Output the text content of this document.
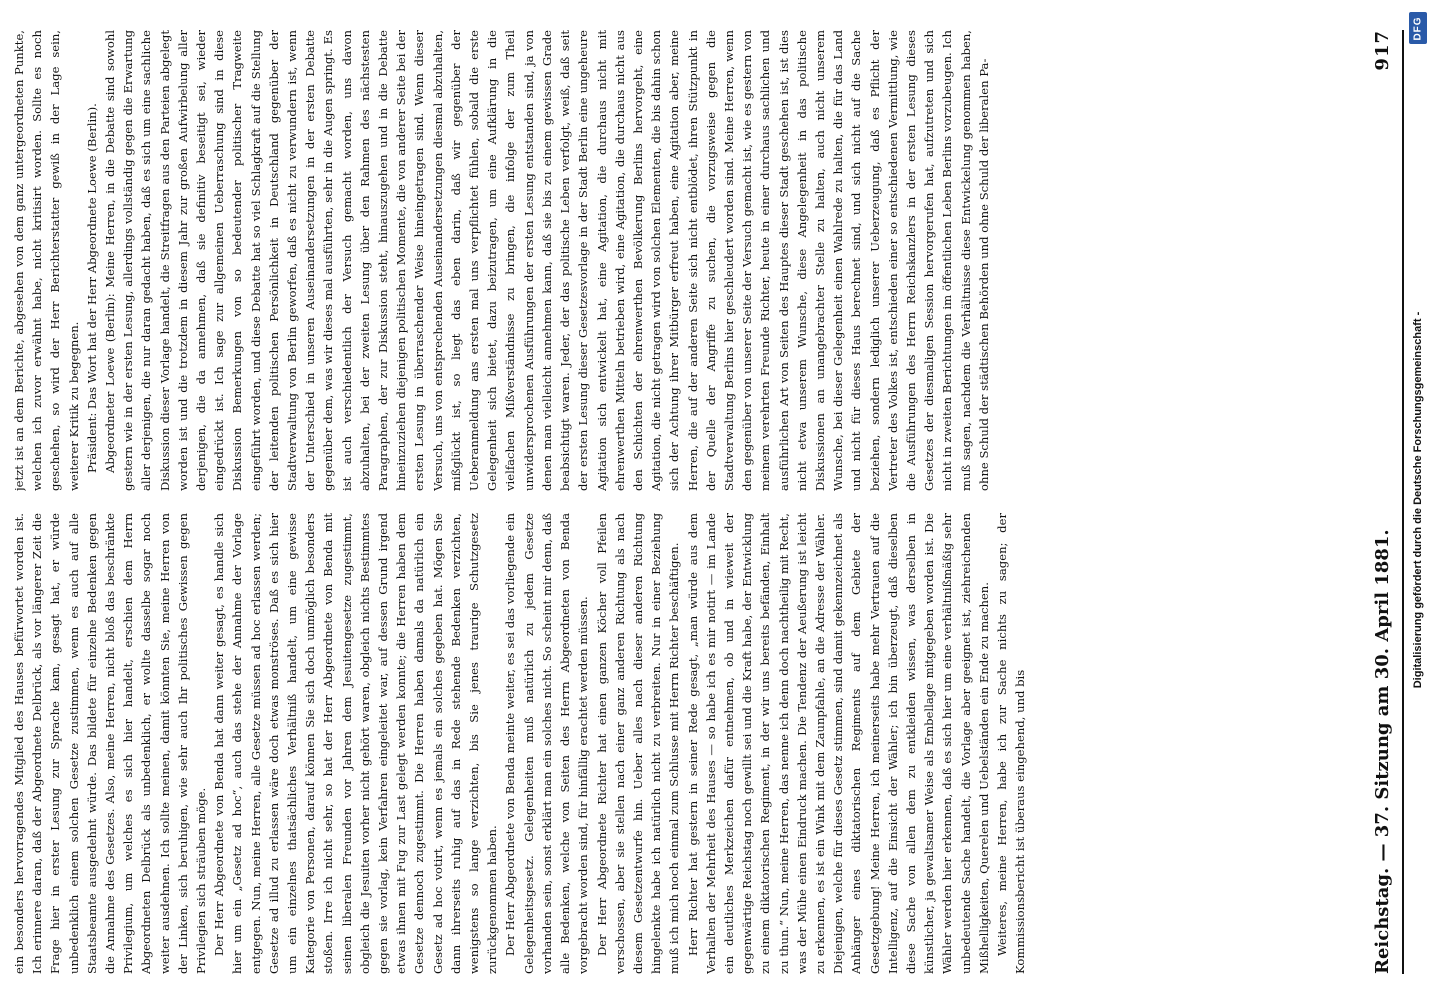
Reichstag. — 37. Sitzung am 30. April 1881.
917

ein besonders hervorragendes Mitglied des Hauses befürwortet worden ist. Ich erinnere daran, daß der Abgeordnete Delbrück, als vor längerer Zeit die Frage hier in erster Lesung zur Sprache kam, gesagt hat, er würde unbedenklich einem solchen Gesetze zustimmen, wenn es auch auf alle Staatsbeamte ausgedehnt würde. Das bildete für einzelne Bedenken gegen die Annahme des Gesetzes. Also, meine Herren, nicht bloß das beschränkte Privilegium, um welches es sich hier handelt, erschien dem Herrn Abgeordneten Delbrück als unbedenklich, er wollte dasselbe sogar noch weiter ausdehnen. Ich sollte meinen, damit könnten Sie, meine Herren von der Linken, sich beruhigen, wie sehr auch Ihr politisches Gewissen gegen Privilegien sich sträuben möge. Der Herr Abgeordnete von Benda hat dann weiter gesagt, es handle sich hier um ein „Gesetz ad hoc“, auch das stehe der Annahme der Vorlage entgegen. Nun, meine Herren, alle Gesetze müssen ad hoc erlassen werden; Gesetze ad illud zu erlassen wäre doch etwas monströses. Daß es sich hier um ein einzelnes thatsächliches Verhältniß handelt, um eine gewisse Kategorie von Personen, darauf können Sie sich doch unmöglich besonders stoßen. Irre ich nicht sehr, so hat der Herr Abgeordnete von Benda mit seinen liberalen Freunden vor Jahren dem Jesuitengesetze zugestimmt, obgleich die Jesuiten vorher nicht gehört waren, obgleich nichts Bestimmtes gegen sie vorlag, kein Verfahren eingeleitet war, auf dessen Grund irgend etwas ihnen mit Fug zur Last gelegt werden konnte; die Herren haben dem Gesetze dennoch zugestimmt. Die Herren haben damals da natürlich ein Gesetz ad hoc votirt, wenn es jemals ein solches gegeben hat. Mögen Sie dann ihrerseits ruhig auf das in Rede stehende Bedenken verzichten, wenigstens so lange verzichten, bis Sie jenes traurige Schutzgesetz zurückgenommen haben. Der Herr Abgeordnete von Benda meinte weiter, es sei das vorliegende ein Gelegenheitsgesetz. Gelegenheiten muß natürlich zu jedem Gesetze vorhanden sein, sonst erklärt man ein solches nicht. So scheint mir denn, daß alle Bedenken, welche von Seiten des Herrn Abgeordneten von Benda vorgebracht worden sind, für hinfällig erachtet werden müssen. Der Herr Abgeordnete Richter hat einen ganzen Köcher voll Pfeilen verschossen, aber sie stellen nach einer ganz anderen Richtung als nach diesem Gesetzentwurfe hin. Ueber alles nach dieser anderen Richtung hingelenkte habe ich natürlich nicht zu verbreiten. Nur in einer Beziehung muß ich mich noch einmal zum Schlusse mit Herrn Richter beschäftigen. Herr Richter hat gestern in seiner Rede gesagt, „man würde aus dem Verhalten der Mehrheit des Hauses — so habe ich es mir notirt — im Lande ein deutliches Merkzeichen dafür entnehmen, ob und in wieweit der gegenwärtige Reichstag noch gewillt sei und die Kraft habe, der Entwicklung zu einem diktatorischen Regiment, in der wir uns bereits befänden, Einhalt zu thun.“ Nun, meine Herren, das nenne ich denn doch nachtheilig mit Recht, was der Mühe einen Eindruck machen. Die Tendenz der Aeußerung ist leicht zu erkennen, es ist ein Wink mit dem Zaunpfahle, an die Adresse der Wähler. Diejenigen, welche für dieses Gesetz stimmen, sind damit gekennzeichnet als Anhänger eines diktatorischen Regiments auf dem Gebiete der Gesetzgebung! Meine Herren, ich meinerseits habe mehr Vertrauen auf die Intelligenz, auf die Einsicht der Wähler; ich bin überzeugt, daß dieselben diese Sache von allen dem zu entkleiden wissen, was derselben in künstlicher, ja gewaltsamer Weise als Embellage mitgegeben worden ist. Die Wähler werden hier erkennen, daß es sich hier um eine verhältnißmäßig sehr unbedeutende Sache handelt, die Vorlage aber geeignet ist, ziehreichenden Mißhelligkeiten, Querelen und Uebelständen ein Ende zu machen. Weiteres, meine Herren, habe ich zur Sache nichts zu sagen; der Kommissionsbericht ist überaus eingehend, und bis

jetzt ist an dem Berichte, abgesehen von dem ganz untergeordneten Punkte, welchen ich zuvor erwähnt habe, nicht kritisirt worden. Sollte es noch geschehen, so wird der Herr Berichterstatter gewiß in der Lage sein, weiterer Kritik zu begegnen. Präsident: Das Wort hat der Herr Abgeordnete Loewe (Berlin). Abgeordneter Loewe (Berlin): Meine Herren, in die Debatte sind sowohl gestern wie in der ersten Lesung, allerdings vollständig gegen die Erwartung aller derjenigen, die nur daran gedacht haben, daß es sich um eine sachliche Diskussion dieser Vorlage handelt, die Streitfragen aus den Parteien abgelegt worden ist und die trotzdem in diesem Jahr zur großen Aufwirbelung aller derjenigen, die da annehmen, daß sie definitiv beseitigt sei, wieder eingedrückt ist. Ich sage zur allgemeinen Ueberraschung sind in diese Diskussion Bemerkungen von so bedeutender politischer Tragweite eingeführt worden, und diese Debatte hat so viel Schlagkraft auf die Stellung der leitenden politischen Persönlichkeit in Deutschland gegenüber der Stadtverwaltung von Berlin geworfen, daß es nicht zu verwundern ist, wenn der Unterschied in unseren Auseinandersetzungen in der ersten Debatte gegenüber dem, was wir dieses mal ausführten, sehr in die Augen springt. Es ist auch verschiedentlich der Versuch gemacht worden, uns davon abzuhalten, bei der zweiten Lesung über den Rahmen des nächstesten Paragraphen, der zur Diskussion steht, hinauszugehen und in die Debatte hineinzuziehen diejenigen politischen Momente, die von anderer Seite bei der ersten Lesung in überraschender Weise hineingetragen sind. Wenn dieser Versuch, uns von entsprechenden Auseinandersetzungen diesmal abzuhalten, mißglückt ist, so liegt das eben darin, daß wir gegenüber der Ueberanmeldung ans ersten mal uns verpflichtet fühlen, sobald die erste Gelegenheit sich bietet, dazu beizutragen, um eine Aufklärung in die vielfachen Mißverständnisse zu bringen, die infolge der zum Theil unwidersprochenen Ausführungen der ersten Lesung entstanden sind, ja von denen man vielleicht annehmen kann, daß sie bis zu einem gewissen Grade beabsichtigt waren. Jeder, der das politische Leben verfolgt, weiß, daß seit der ersten Lesung dieser Gesetzesvorlage in der Stadt Berlin eine ungeheure Agitation sich entwickelt hat, eine Agitation, die durchaus nicht mit ehrenwerthen Mitteln betrieben wird, eine Agitation, die durchaus nicht aus den Schichten der ehrenwerthen Bevölkerung Berlins hervorgeht, eine Agitation, die nicht getragen wird von solchen Elementen, die bis dahin schon sich der Achtung ihrer Mitbürger erfreut haben, eine Agitation aber, meine Herren, die auf der anderen Seite sich nicht entblödet, ihren Stützpunkt in der Quelle der Angriffe zu suchen, die vorzugsweise gegen die Stadtverwaltung Berlins hier geschleudert worden sind. Meine Herren, wenn den gegenüber von unserer Seite der Versuch gemacht ist, wie es gestern von meinem verehrten Freunde Richter, heute in einer durchaus sachlichen und ausführlichen Art von Seiten des Hauptes dieser Stadt geschehen ist, ist dies nicht etwa unserem Wunsche, diese Angelegenheit in das politische Diskussionen an unangebrachter Stelle zu halten, auch nicht unserem Wunsche, bei dieser Gelegenheit einen Wahlrede zu halten, die für das Land und nicht für dieses Haus berechnet sind, und sich nicht auf die Sache beziehen, sondern lediglich unserer Ueberzeugung, daß es Pflicht der Vertreter des Volkes ist, entschieden einer so entschiedenen Vermittlung, wie die Ausführungen des Herrn Reichskanzlers in der ersten Lesung dieses Gesetzes der diesmaligen Session hervorgerufen hat, aufzutreten und sich nicht in zweiten Berichtungen im öffentlichen Leben Berlins vorzubeugen. Ich muß sagen, nachdem die Verhältnisse diese Entwickelung genommen haben, ohne Schuld der städtischen Behörden und ohne Schuld der liberalen Pa-

DFG
Digitalisierung gefördert durch die Deutsche Forschungsgemeinschaft -
